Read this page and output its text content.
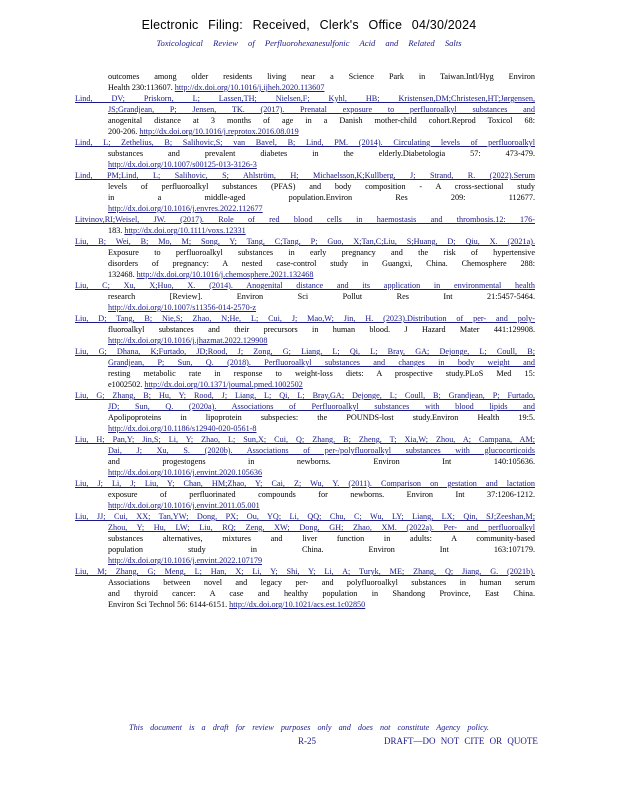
Electronic Filing: Received, Clerk's Office 04/30/2024
Toxicological Review of Perfluorohexanesulfonic Acid and Related Salts
outcomes among older residents living near a Science Park in Taiwan.Intl/Hyg Environ
Health 230:113607. http://dx.doi.org/10.1016/j.ijheh.2020.113607
Lind, DV; Priskorn, L; Lassen,TH; Nielsen,F; Kyhl, HB; Kristensen,DM;Christesen,HT;Jørgensen,
JS;Grandjean, P; Jensen, TK. (2017). Prenatal exposure to perfluoroalkyl substances and
anogenital distance at 3 months of age in a Danish mother-child cohort.Reprod Toxicol 68:
200-206. http://dx.doi.org/10.1016/j.reprotox.2016.08.019
Lind, L; Zethelius, B; Salihovic,S; van Bavel, B; Lind, PM. (2014). Circulating levels of perfluoroalkyl
substances and prevalent diabetes in the elderly.Diabetologia 57: 473-479.
http://dx.doi.org/10.1007/s00125-013-3126-3
Lind, PM;Lind, L; Salihovic, S; Ahlström, H; Michaelsson,K;Kullberg, J; Strand, R. (2022).Serum
levels of perfluoroalkyl substances (PFAS) and body composition - A cross-sectional study
in a middle-aged population.Environ Res 209: 112677.
http://dx.doi.org/10.1016/j.envres.2022.112677
Litvinov,RI;Weisel, JW. (2017). Role of red blood cells in haemostasis and thrombosis.12: 176-
183. http://dx.doi.org/10.1111/voxs.12331
Liu, B; Wei, B; Mo, M; Song, Y; Tang, C;Tang, P; Guo, X;Tan,C;Liu, S;Huang, D; Qiu, X. (2021a).
Exposure to perfluoroalkyl substances in early pregnancy and the risk of hypertensive
disorders of pregnancy: A nested case-control study in Guangxi, China. Chemosphere 288:
132468. http://dx.doi.org/10.1016/j.chemosphere.2021.132468
Liu, C; Xu, X;Huo, X. (2014). Anogenital distance and its application in environmental health
research [Review]. Environ Sci Pollut Res Int 21:5457-5464.
http://dx.doi.org/10.1007/s11356-014-2570-z
Liu, D; Tang, B; Nie,S; Zhao, N;He, L; Cui, J; Mao,W; Jin, H. (2023).Distribution of per- and poly-
fluoroalkyl substances and their precursors in human blood. J Hazard Mater 441:129908.
http://dx.doi.org/10.1016/j.jhazmat.2022.129908
Liu, G; Dhana, K;Furtado, JD;Rood, J; Zong, G; Liang, L; Qi, L; Bray, GA; Dejonge, L; Coull, B;
Grandjean, P; Sun, Q. (2018). Perfluoroalkyl substances and changes in body weight and
resting metabolic rate in response to weight-loss diets: A prospective study.PLoS Med 15:
e1002502. http://dx.doi.org/10.1371/journal.pmed.1002502
Liu, G; Zhang, B; Hu, Y; Rood, J; Liang, L; Qi, L; Bray,GA; Dejonge, L; Coull, B; Grandjean, P; Furtado,
JD; Sun, Q. (2020a). Associations of Perfluoroalkyl substances with blood lipids and
Apolipoproteins in lipoprotein subspecies: the POUNDS-lost study.Environ Health 19:5.
http://dx.doi.org/10.1186/s12940-020-0561-8
Liu, H; Pan,Y; Jin,S; Li, Y; Zhao, L; Sun,X; Cui, Q; Zhang, B; Zheng, T; Xia,W; Zhou, A; Campana, AM;
Dai, J; Xu, S. (2020b). Associations of per-/polyfluoroalkyl substances with glucocorticoids
and progestogens in newborns. Environ Int 140:105636.
http://dx.doi.org/10.1016/j.envint.2020.105636
Liu, J; Li, J; Liu, Y; Chan, HM;Zhao, Y; Cai, Z; Wu, Y. (2011). Comparison on gestation and lactation
exposure of perfluorinated compounds for newborns. Environ Int 37:1206-1212.
http://dx.doi.org/10.1016/j.envint.2011.05.001
Liu, JJ; Cui, XX; Tan,YW; Dong, PX; Ou, YQ; Li, QQ; Chu, C; Wu, LY; Liang, LX; Qin, SJ;Zeeshan,M;
Zhou, Y; Hu, LW; Liu, RQ; Zeng, XW; Dong, GH; Zhao, XM. (2022a). Per- and perfluoroalkyl
substances alternatives, mixtures and liver function in adults: A community-based
population study in China. Environ Int 163:107179.
http://dx.doi.org/10.1016/j.envint.2022.107179
Liu, M; Zhang, G; Meng, L; Han, X; Li, Y; Shi, Y; Li, A; Turyk, ME; Zhang, Q; Jiang, G. (2021b).
Associations between novel and legacy per- and polyfluoroalkyl substances in human serum
and thyroid cancer: A case and healthy population in Shandong Province, East China.
Environ Sci Technol 56: 6144-6151. http://dx.doi.org/10.1021/acs.est.1c02850
This document is a draft for review purposes only and does not constitute Agency policy.
R-25	DRAFT—DO NOT CITE OR QUOTE
